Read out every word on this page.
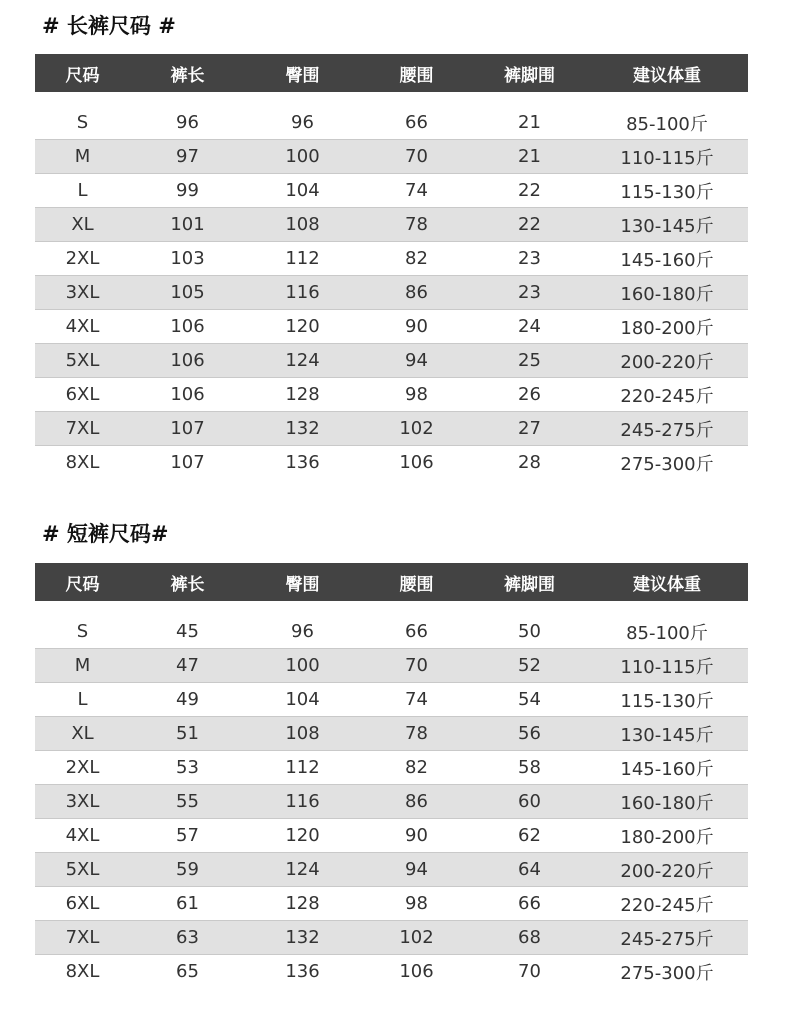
# 长裤尺码 #
尺码	裤长	臀围	腰围	裤脚围	建议体重

S	96	96	66	21	85-100斤
M	97	100	70	21	110-115斤
L	99	104	74	22	115-130斤
XL	101	108	78	22	130-145斤
2XL	103	112	82	23	145-160斤
3XL	105	116	86	23	160-180斤
4XL	106	120	90	24	180-200斤
5XL	106	124	94	25	200-220斤
6XL	106	128	98	26	220-245斤
7XL	107	132	102	27	245-275斤
8XL	107	136	106	28	275-300斤
# 短裤尺码#
尺码	裤长	臀围	腰围	裤脚围	建议体重

S	45	96	66	50	85-100斤
M	47	100	70	52	110-115斤
L	49	104	74	54	115-130斤
XL	51	108	78	56	130-145斤
2XL	53	112	82	58	145-160斤
3XL	55	116	86	60	160-180斤
4XL	57	120	90	62	180-200斤
5XL	59	124	94	64	200-220斤
6XL	61	128	98	66	220-245斤
7XL	63	132	102	68	245-275斤
8XL	65	136	106	70	275-300斤
